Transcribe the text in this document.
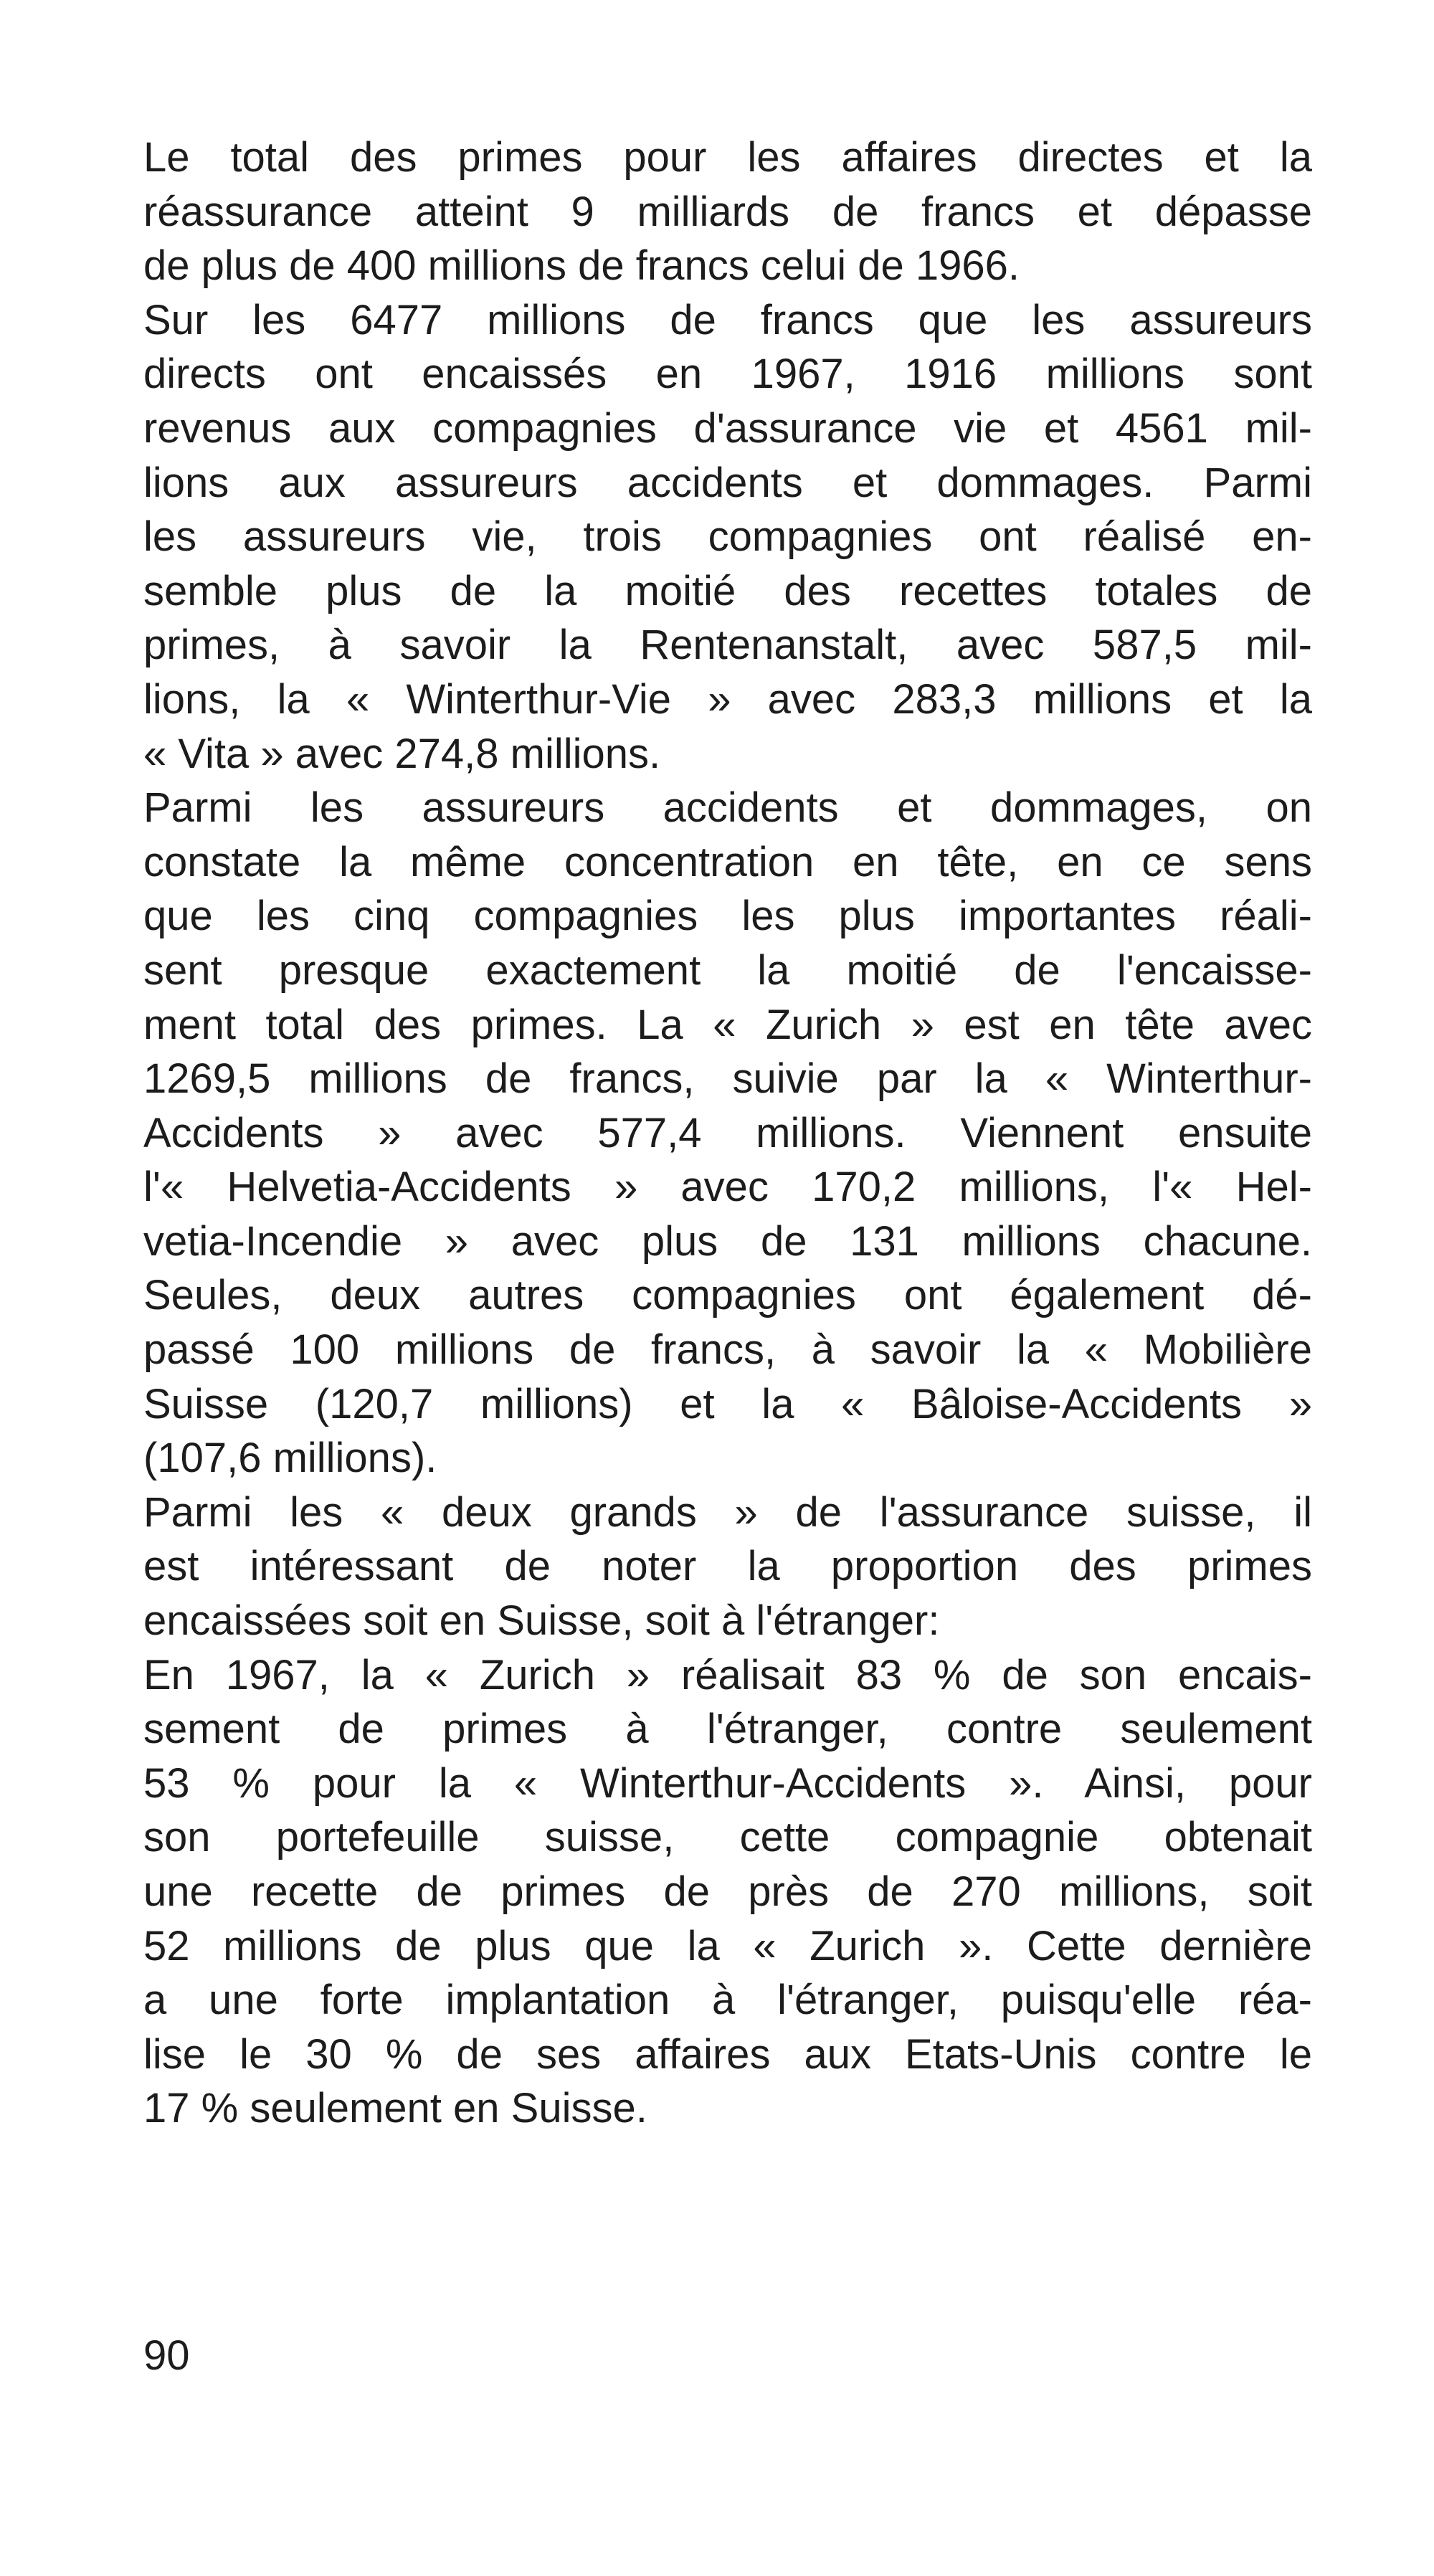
Le total des primes pour les affaires directes et la
réassurance atteint 9 milliards de francs et dépasse
de plus de 400 millions de francs celui de 1966.
Sur les 6477 millions de francs que les assureurs
directs ont encaissés en 1967, 1916 millions sont
revenus aux compagnies d'assurance vie et 4561 mil-
lions aux assureurs accidents et dommages. Parmi
les assureurs vie, trois compagnies ont réalisé en-
semble plus de la moitié des recettes totales de
primes, à savoir la Rentenanstalt, avec 587,5 mil-
lions, la « Winterthur-Vie » avec 283,3 millions et la
« Vita » avec 274,8 millions.
Parmi les assureurs accidents et dommages, on
constate la même concentration en tête, en ce sens
que les cinq compagnies les plus importantes réali-
sent presque exactement la moitié de l'encaisse-
ment total des primes. La « Zurich » est en tête avec
1269,5 millions de francs, suivie par la « Winterthur-
Accidents » avec 577,4 millions. Viennent ensuite
l'« Helvetia-Accidents » avec 170,2 millions, l'« Hel-
vetia-Incendie » avec plus de 131 millions chacune.
Seules, deux autres compagnies ont également dé-
passé 100 millions de francs, à savoir la « Mobilière
Suisse (120,7 millions) et la « Bâloise-Accidents »
(107,6 millions).
Parmi les « deux grands » de l'assurance suisse, il
est intéressant de noter la proportion des primes
encaissées soit en Suisse, soit à l'étranger:
En 1967, la « Zurich » réalisait 83 % de son encais-
sement de primes à l'étranger, contre seulement
53 % pour la « Winterthur-Accidents ». Ainsi, pour
son portefeuille suisse, cette compagnie obtenait
une recette de primes de près de 270 millions, soit
52 millions de plus que la « Zurich ». Cette dernière
a une forte implantation à l'étranger, puisqu'elle réa-
lise le 30 % de ses affaires aux Etats-Unis contre le
17 % seulement en Suisse.
90
